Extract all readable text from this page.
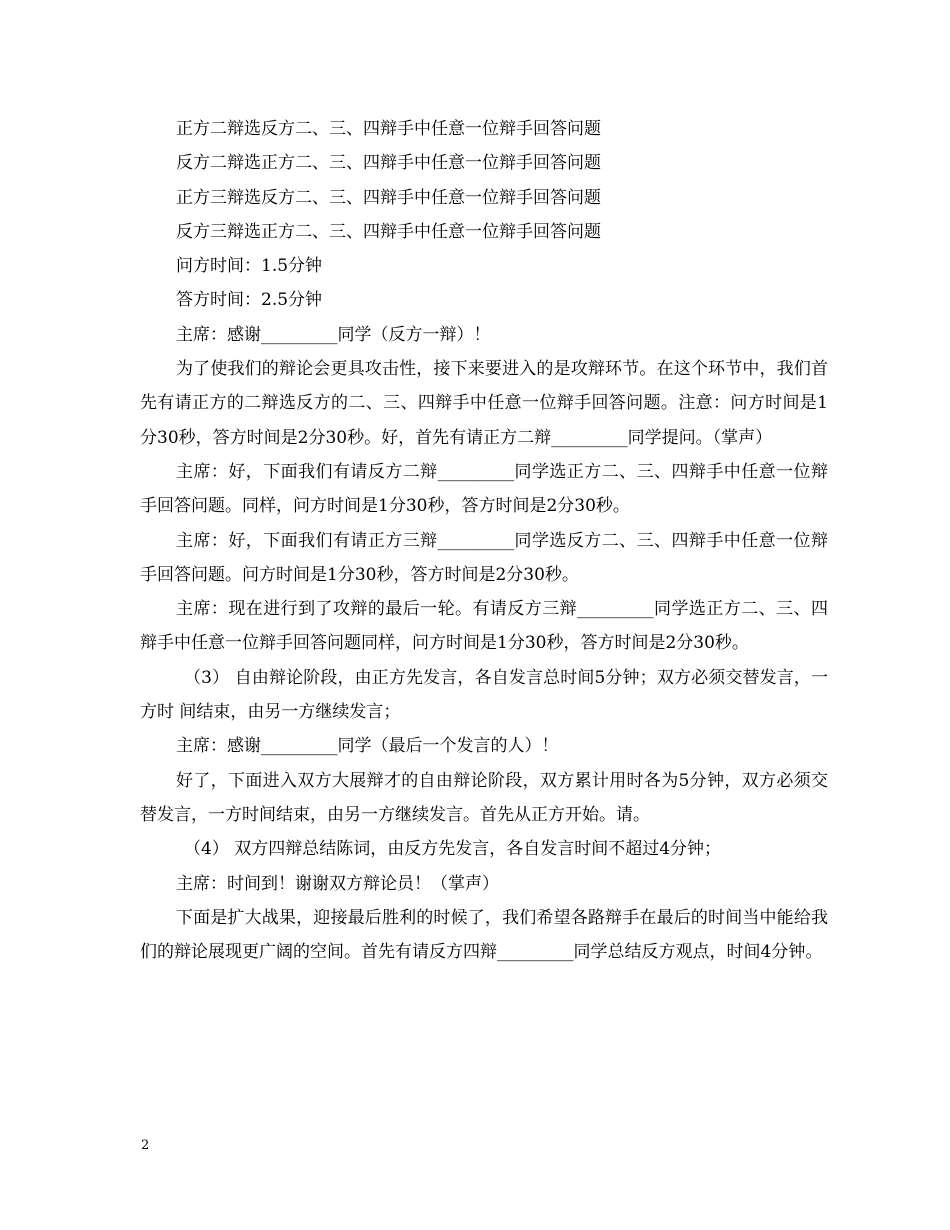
正方二辩选反方二、三、四辩手中任意一位辩手回答问题

反方二辩选正方二、三、四辩手中任意一位辩手回答问题

正方三辩选反方二、三、四辩手中任意一位辩手回答问题

反方三辩选正方二、三、四辩手中任意一位辩手回答问题

问方时间：1.5分钟

答方时间：2.5分钟

主席：感谢_________同学（反方一辩）！

为了使我们的辩论会更具攻击性，接下来要进入的是攻辩环节。在这个环节中，我们首先有请正方的二辩选反方的二、三、四辩手中任意一位辩手回答问题。注意：问方时间是1分30秒，答方时间是2分30秒。好，首先有请正方二辩_________同学提问。（掌声）

主席：好，下面我们有请反方二辩_________同学选正方二、三、四辩手中任意一位辩手回答问题。同样，问方时间是1分30秒，答方时间是2分30秒。

主席：好，下面我们有请正方三辩_________同学选反方二、三、四辩手中任意一位辩手回答问题。问方时间是1分30秒，答方时间是2分30秒。

主席：现在进行到了攻辩的最后一轮。有请反方三辩_________同学选正方二、三、四辩手中任意一位辩手回答问题同样，问方时间是1分30秒，答方时间是2分30秒。

（3） 自由辩论阶段，由正方先发言，各自发言总时间5分钟；双方必须交替发言，一方时 间结束，由另一方继续发言；

主席：感谢_________同学（最后一个发言的人）！

好了，下面进入双方大展辩才的自由辩论阶段，双方累计用时各为5分钟，双方必须交替发言，一方时间结束，由另一方继续发言。首先从正方开始。请。

（4） 双方四辩总结陈词，由反方先发言，各自发言时间不超过4分钟；

主席：时间到！谢谢双方辩论员！（掌声）

下面是扩大战果，迎接最后胜利的时候了，我们希望各路辩手在最后的时间当中能给我们的辩论展现更广阔的空间。首先有请反方四辩_________同学总结反方观点，时间4分钟。

2
